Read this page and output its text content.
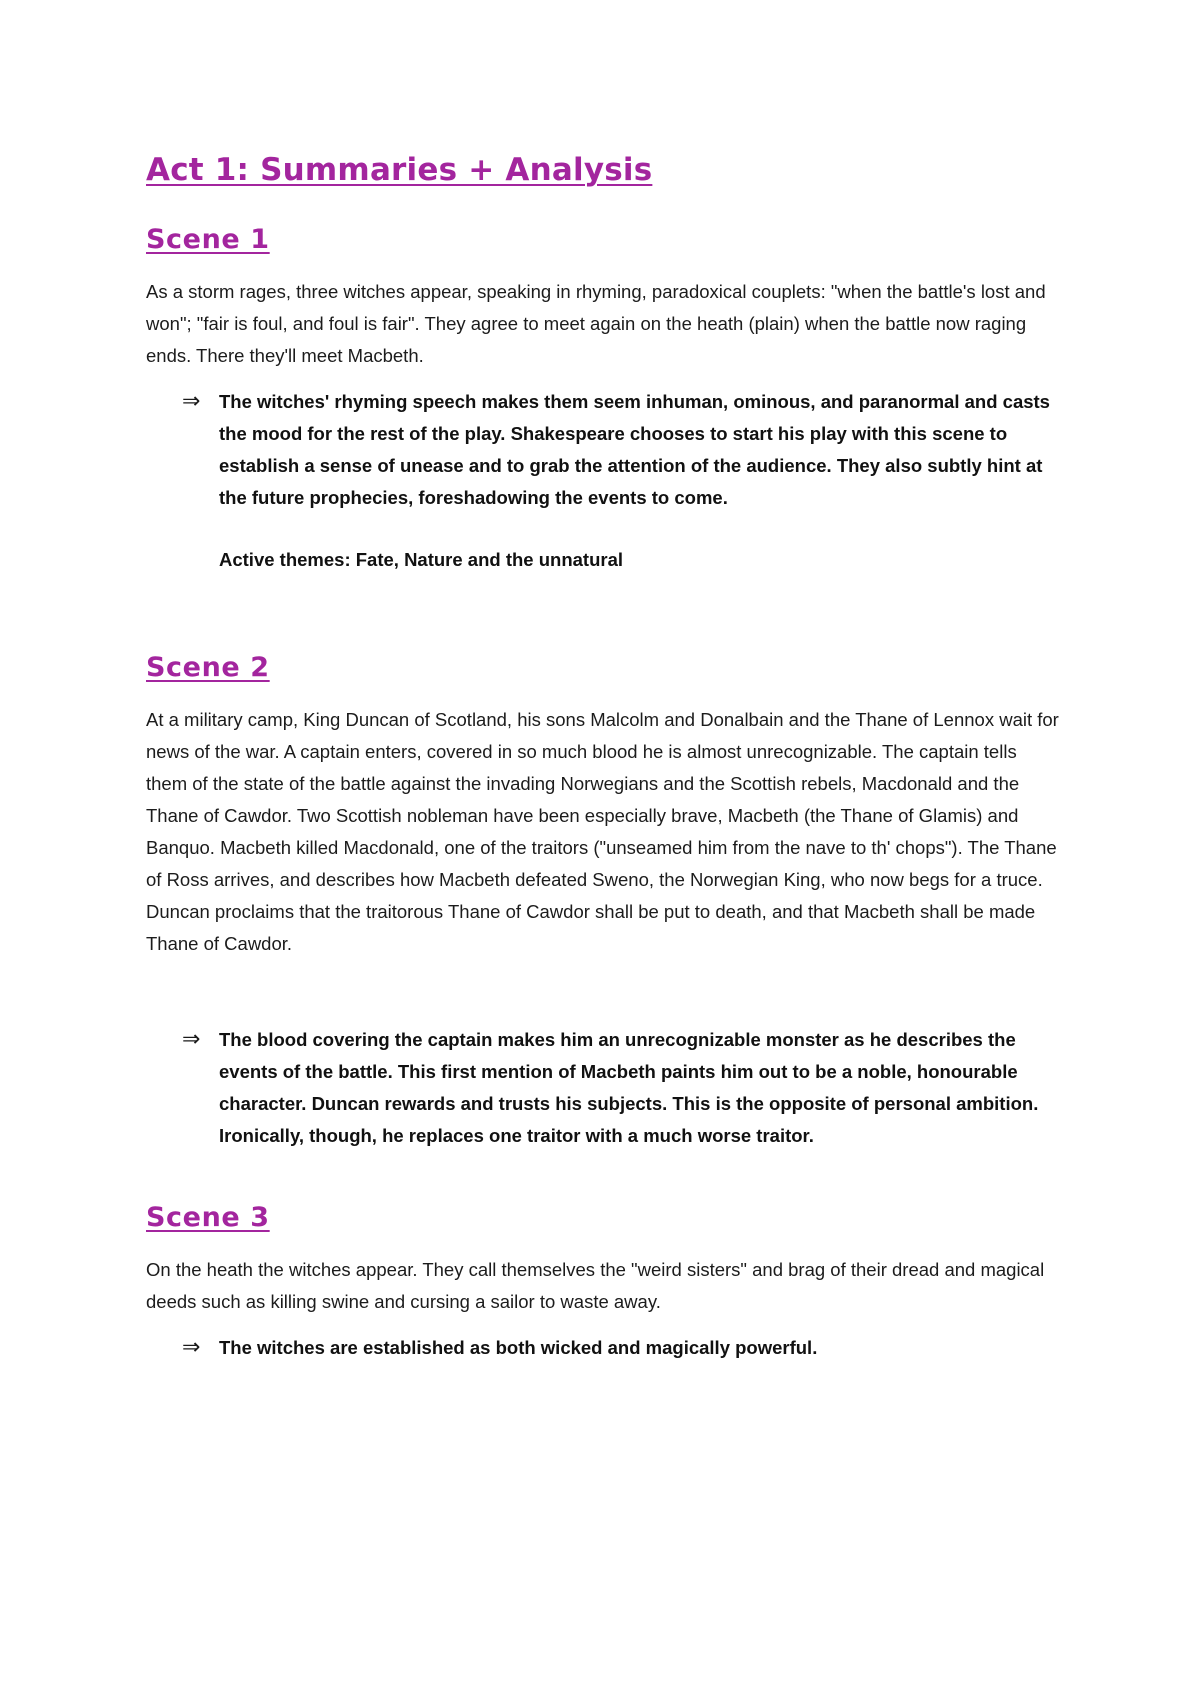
Act 1: Summaries + Analysis
Scene 1

As a storm rages, three witches appear, speaking in rhyming, paradoxical couplets: "when the battle's lost and won"; "fair is foul, and foul is fair". They agree to meet again on the heath (plain) when the battle now raging ends. There they'll meet Macbeth.

⇒ The witches' rhyming speech makes them seem inhuman, ominous, and paranormal and casts the mood for the rest of the play. Shakespeare chooses to start his play with this scene to establish a sense of unease and to grab the attention of the audience. They also subtly hint at the future prophecies, foreshadowing the events to come.

Active themes: Fate, Nature and the unnatural

Scene 2

At a military camp, King Duncan of Scotland, his sons Malcolm and Donalbain and the Thane of Lennox wait for news of the war. A captain enters, covered in so much blood he is almost unrecognizable. The captain tells them of the state of the battle against the invading Norwegians and the Scottish rebels, Macdonald and the Thane of Cawdor. Two Scottish nobleman have been especially brave, Macbeth (the Thane of Glamis) and Banquo. Macbeth killed Macdonald, one of the traitors ("unseamed him from the nave to th' chops"). The Thane of Ross arrives, and describes how Macbeth defeated Sweno, the Norwegian King, who now begs for a truce. Duncan proclaims that the traitorous Thane of Cawdor shall be put to death, and that Macbeth shall be made Thane of Cawdor.

⇒ The blood covering the captain makes him an unrecognizable monster as he describes the events of the battle. This first mention of Macbeth paints him out to be a noble, honourable character. Duncan rewards and trusts his subjects. This is the opposite of personal ambition. Ironically, though, he replaces one traitor with a much worse traitor.
Scene 3

On the heath the witches appear. They call themselves the "weird sisters" and brag of their dread and magical deeds such as killing swine and cursing a sailor to waste away.

⇒ The witches are established as both wicked and magically powerful.
